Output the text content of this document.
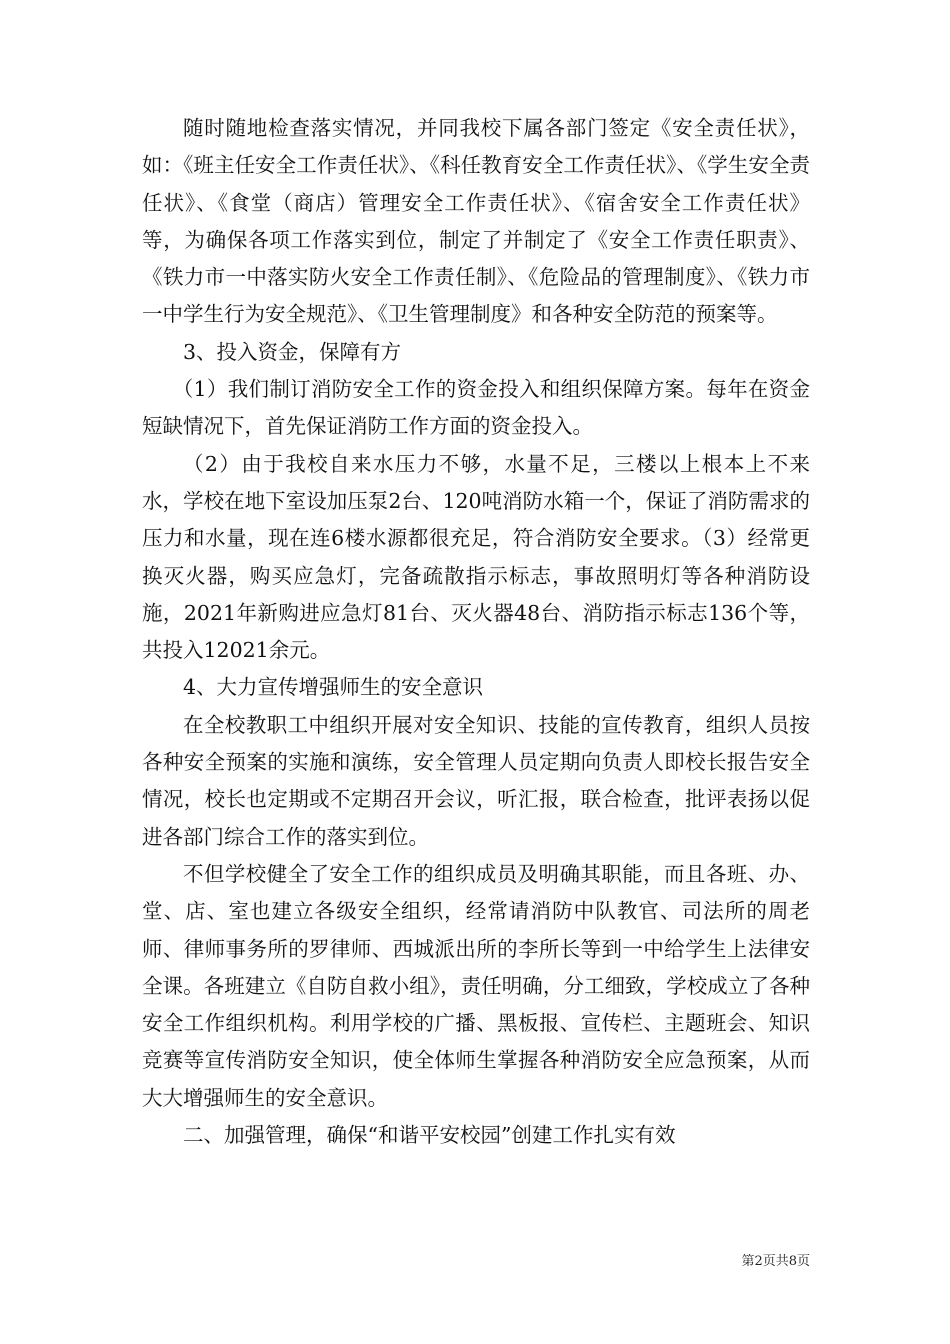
随时随地检查落实情况，并同我校下属各部门签定《安全责任状》，如：《班主任安全工作责任状》、《科任教育安全工作责任状》、《学生安全责任状》、《食堂（商店）管理安全工作责任状》、《宿舍安全工作责任状》等，为确保各项工作落实到位，制定了并制定了《安全工作责任职责》、《铁力市一中落实防火安全工作责任制》、《危险品的管理制度》、《铁力市一中学生行为安全规范》、《卫生管理制度》和各种安全防范的预案等。

3、投入资金，保障有方

（1）我们制订消防安全工作的资金投入和组织保障方案。每年在资金短缺情况下，首先保证消防工作方面的资金投入。

（2）由于我校自来水压力不够，水量不足，三楼以上根本上不来水，学校在地下室设加压泵2台、120吨消防水箱一个，保证了消防需求的压力和水量，现在连6楼水源都很充足，符合消防安全要求。（3）经常更换灭火器，购买应急灯，完备疏散指示标志，事故照明灯等各种消防设施，2021年新购进应急灯81台、灭火器48台、消防指示标志136个等，共投入12021余元。

4、大力宣传增强师生的安全意识

在全校教职工中组织开展对安全知识、技能的宣传教育，组织人员按各种安全预案的实施和演练，安全管理人员定期向负责人即校长报告安全情况，校长也定期或不定期召开会议，听汇报，联合检查，批评表扬以促进各部门综合工作的落实到位。

不但学校健全了安全工作的组织成员及明确其职能，而且各班、办、堂、店、室也建立各级安全组织，经常请消防中队教官、司法所的周老师、律师事务所的罗律师、西城派出所的李所长等到一中给学生上法律安全课。各班建立《自防自救小组》，责任明确，分工细致，学校成立了各种安全工作组织机构。利用学校的广播、黑板报、宣传栏、主题班会、知识竞赛等宣传消防安全知识，使全体师生掌握各种消防安全应急预案，从而大大增强师生的安全意识。

二、加强管理，确保“和谐平安校园”创建工作扎实有效

第2页共8页
